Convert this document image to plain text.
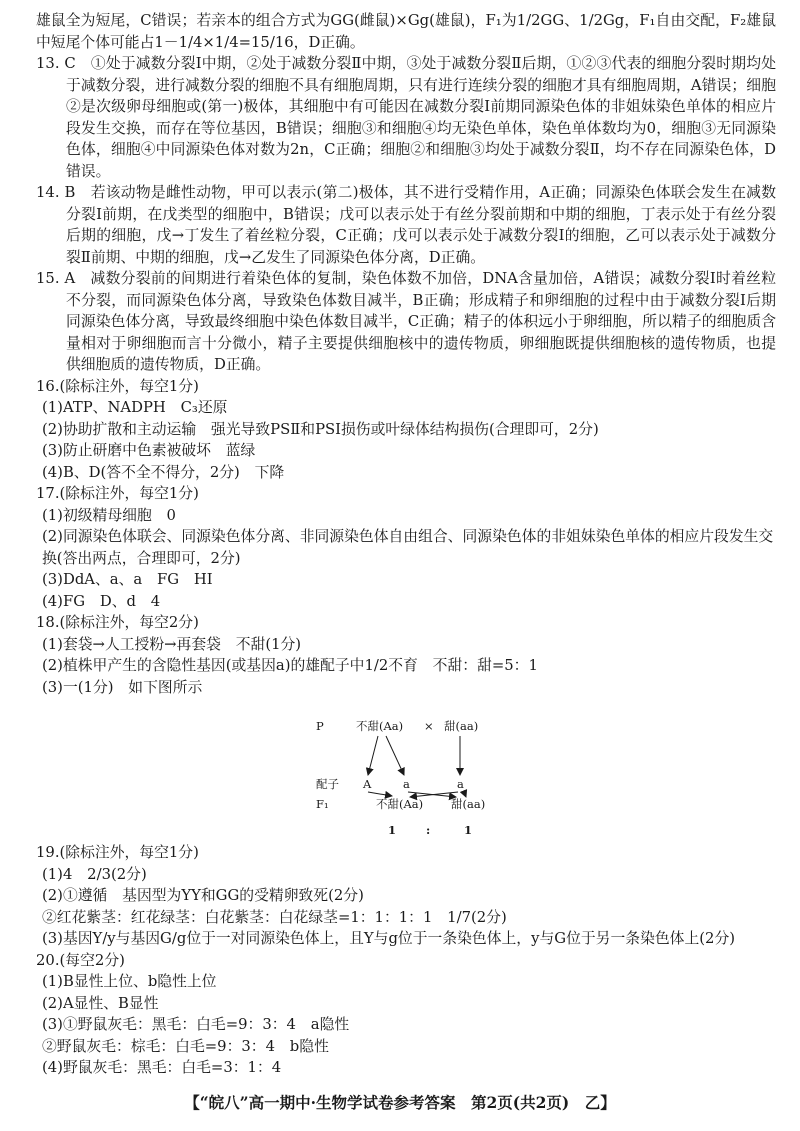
雄鼠全为短尾，C错误；若亲本的组合方式为GG(雌鼠)×Gg(雄鼠)，F₁为1/2GG、1/2Gg，F₁自由交配，F₂雄鼠中短尾个体可能占1－1/4×1/4=15/16，D正确。

13. C　①处于减数分裂Ⅰ中期，②处于减数分裂Ⅱ中期，③处于减数分裂Ⅱ后期，①②③代表的细胞分裂时期均处于减数分裂，进行减数分裂的细胞不具有细胞周期，只有进行连续分裂的细胞才具有细胞周期，A错误；细胞②是次级卵母细胞或(第一)极体，其细胞中有可能因在减数分裂Ⅰ前期同源染色体的非姐妹染色单体的相应片段发生交换，而存在等位基因，B错误；细胞③和细胞④均无染色单体，染色单体数均为0，细胞③无同源染色体，细胞④中同源染色体对数为2n，C正确；细胞②和细胞③均处于减数分裂Ⅱ，均不存在同源染色体，D错误。

14. B　若该动物是雌性动物，甲可以表示(第二)极体，其不进行受精作用，A正确；同源染色体联会发生在减数分裂Ⅰ前期，在戊类型的细胞中，B错误；戊可以表示处于有丝分裂前期和中期的细胞，丁表示处于有丝分裂后期的细胞，戊→丁发生了着丝粒分裂，C正确；戊可以表示处于减数分裂Ⅰ的细胞，乙可以表示处于减数分裂Ⅱ前期、中期的细胞，戊→乙发生了同源染色体分离，D正确。

15. A　减数分裂前的间期进行着染色体的复制，染色体数不加倍，DNA含量加倍，A错误；减数分裂Ⅰ时着丝粒不分裂，而同源染色体分离，导致染色体数目减半，B正确；形成精子和卵细胞的过程中由于减数分裂Ⅰ后期同源染色体分离，导致最终细胞中染色体数目减半，C正确；精子的体积远小于卵细胞，所以精子的细胞质含量相对于卵细胞而言十分微小，精子主要提供细胞核中的遗传物质，卵细胞既提供细胞核的遗传物质，也提供细胞质的遗传物质，D正确。

16.(除标注外，每空1分)

(1)ATP、NADPH　C₃还原

(2)协助扩散和主动运输　强光导致PSⅡ和PSⅠ损伤或叶绿体结构损伤(合理即可，2分)

(3)防止研磨中色素被破坏　蓝绿

(4)B、D(答不全不得分，2分)　下降

17.(除标注外，每空1分)

(1)初级精母细胞　0

(2)同源染色体联会、同源染色体分离、非同源染色体自由组合、同源染色体的非姐妹染色单体的相应片段发生交换(答出两点，合理即可，2分)

(3)DdA、a、a　FG　HI

(4)FG　D、d　4

18.(除标注外，每空2分)

(1)套袋→人工授粉→再套袋　不甜(1分)

(2)植株甲产生的含隐性基因(或基因a)的雄配子中1/2不育　不甜：甜=5：1

(3)一(1分)　如下图所示

P	不甜(Aa) × 甜(aa)
配子 A	a	a
F₁	不甜(Aa) 甜(aa)
1	:	1

19.(除标注外，每空1分)

(1)4　2/3(2分)

(2)①遵循　基因型为YY和GG的受精卵致死(2分)

②红花紫茎：红花绿茎：白花紫茎：白花绿茎=1：1：1：1　1/7(2分)

(3)基因Y/y与基因G/g位于一对同源染色体上，且Y与g位于一条染色体上，y与G位于另一条染色体上(2分)

20.(每空2分)

(1)B显性上位、b隐性上位

(2)A显性、B显性

(3)①野鼠灰毛：黑毛：白毛=9：3：4　a隐性

②野鼠灰毛：棕毛：白毛=9：3：4　b隐性

(4)野鼠灰毛：黑毛：白毛=3：1：4

【“皖八”高一期中·生物学试卷参考答案　第2页(共2页)　乙】
